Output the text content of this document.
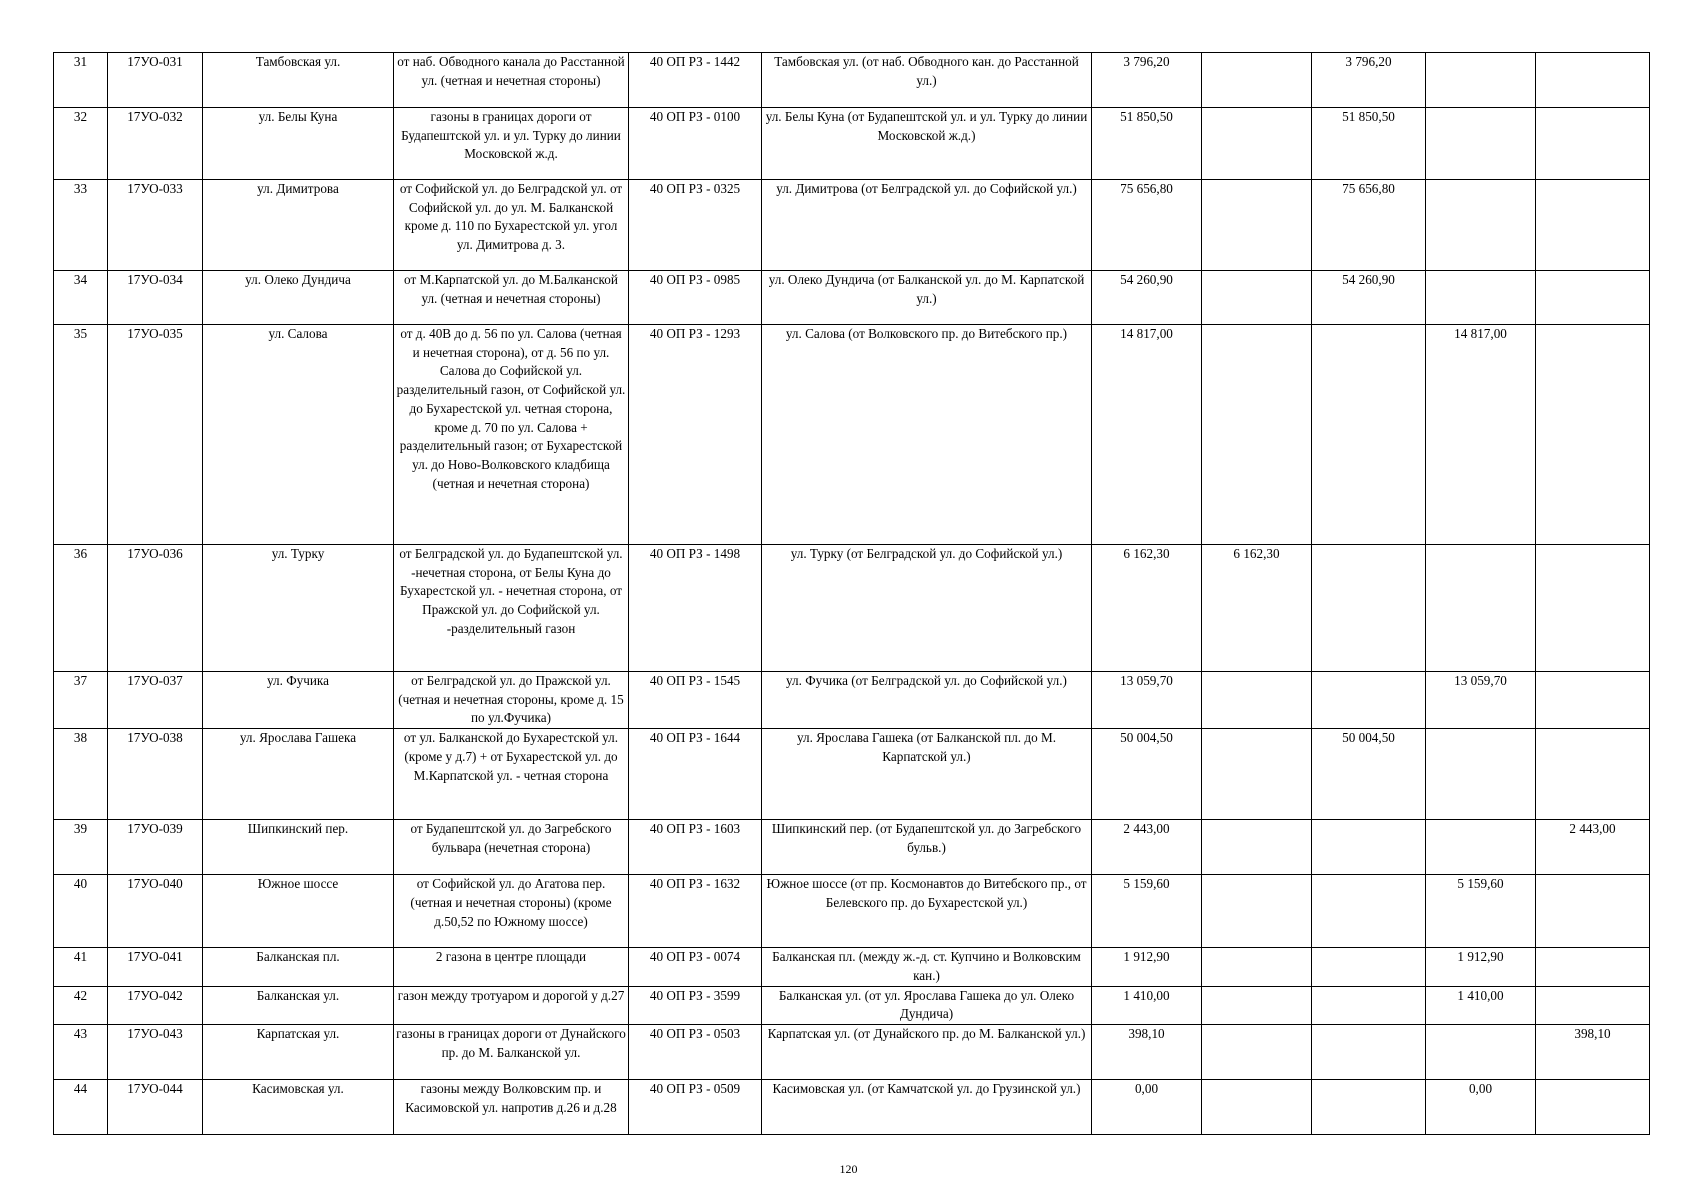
31	17УО-031	Тамбовская ул.	от наб. Обводного канала до Расстанной ул. (четная и нечетная стороны)	40 ОП РЗ - 1442	Тамбовская ул. (от наб. Обводного кан. до Расстанной ул.)	3 796,20		3 796,20		
32	17УО-032	ул. Белы Куна	газоны в границах дороги от Будапештской ул. и ул. Турку до линии Московской ж.д.	40 ОП РЗ - 0100	ул. Белы Куна (от Будапештской ул. и ул. Турку до линии Московской ж.д.)	51 850,50		51 850,50		
33	17УО-033	ул. Димитрова	от Софийской ул. до Белградской ул. от Софийской ул. до ул. М. Балканской кроме д. 110 по Бухарестской ул. угол ул. Димитрова д. 3.	40 ОП РЗ - 0325	ул. Димитрова (от Белградской ул. до Софийской ул.)	75 656,80		75 656,80		
34	17УО-034	ул. Олеко Дундича	от М.Карпатской ул. до М.Балканской ул. (четная и нечетная стороны)	40 ОП РЗ - 0985	ул. Олеко Дундича (от Балканской ул. до М. Карпатской ул.)	54 260,90		54 260,90		
35	17УО-035	ул. Салова	от д. 40В до д. 56 по ул. Салова (четная и нечетная сторона), от д. 56 по ул. Салова до Софийской ул. разделительный газон, от Софийской ул. до Бухарестской ул. четная сторона, кроме д. 70 по ул. Салова + разделительный газон; от Бухарестской ул. до Ново-Волковского кладбища (четная и нечетная сторона)	40 ОП РЗ - 1293	ул. Салова (от Волковского пр. до Витебского пр.)	14 817,00			14 817,00	
36	17УО-036	ул. Турку	от Белградской ул. до Будапештской ул. -нечетная сторона, от Белы Куна до Бухарестской ул. - нечетная сторона, от Пражской ул. до Софийской ул. -разделительный газон	40 ОП РЗ - 1498	ул. Турку (от Белградской ул. до Софийской ул.)	6 162,30	6 162,30			
37	17УО-037	ул. Фучика	от Белградской ул. до Пражской ул. (четная и нечетная стороны, кроме д. 15 по ул.Фучика)	40 ОП РЗ - 1545	ул. Фучика (от Белградской ул. до Софийской ул.)	13 059,70			13 059,70	
38	17УО-038	ул. Ярослава Гашека	от ул. Балканской до Бухарестской ул.(кроме у д.7) + от Бухарестской ул. до М.Карпатской ул. - четная сторона	40 ОП РЗ - 1644	ул. Ярослава Гашека (от Балканской пл. до М. Карпатской ул.)	50 004,50		50 004,50		
39	17УО-039	Шипкинский пер.	от Будапештской ул. до Загребского бульвара (нечетная сторона)	40 ОП РЗ - 1603	Шипкинский пер. (от Будапештской ул. до Загребского бульв.)	2 443,00				2 443,00
40	17УО-040	Южное шоссе	от Софийской ул. до Агатова пер. (четная и нечетная стороны) (кроме д.50,52 по Южному шоссе)	40 ОП РЗ - 1632	Южное шоссе (от пр. Космонавтов до Витебского пр., от Белевского пр. до Бухарестской ул.)	5 159,60			5 159,60	
41	17УО-041	Балканская пл.	2 газона в центре площади	40 ОП РЗ - 0074	Балканская пл. (между ж.-д. ст. Купчино и Волковским кан.)	1 912,90			1 912,90	
42	17УО-042	Балканская ул.	газон между тротуаром и дорогой у д.27	40 ОП РЗ - 3599	Балканская ул. (от ул. Ярослава Гашека до ул. Олеко Дундича)	1 410,00			1 410,00	
43	17УО-043	Карпатская ул.	газоны в границах дороги от Дунайского пр. до М. Балканской ул.	40 ОП РЗ - 0503	Карпатская ул. (от Дунайского пр. до М. Балканской ул.)	398,10				398,10
44	17УО-044	Касимовская ул.	газоны между Волковским пр. и Касимовской ул. напротив д.26 и д.28	40 ОП РЗ - 0509	Касимовская ул. (от Камчатской ул. до Грузинской ул.)	0,00			0,00	
120
